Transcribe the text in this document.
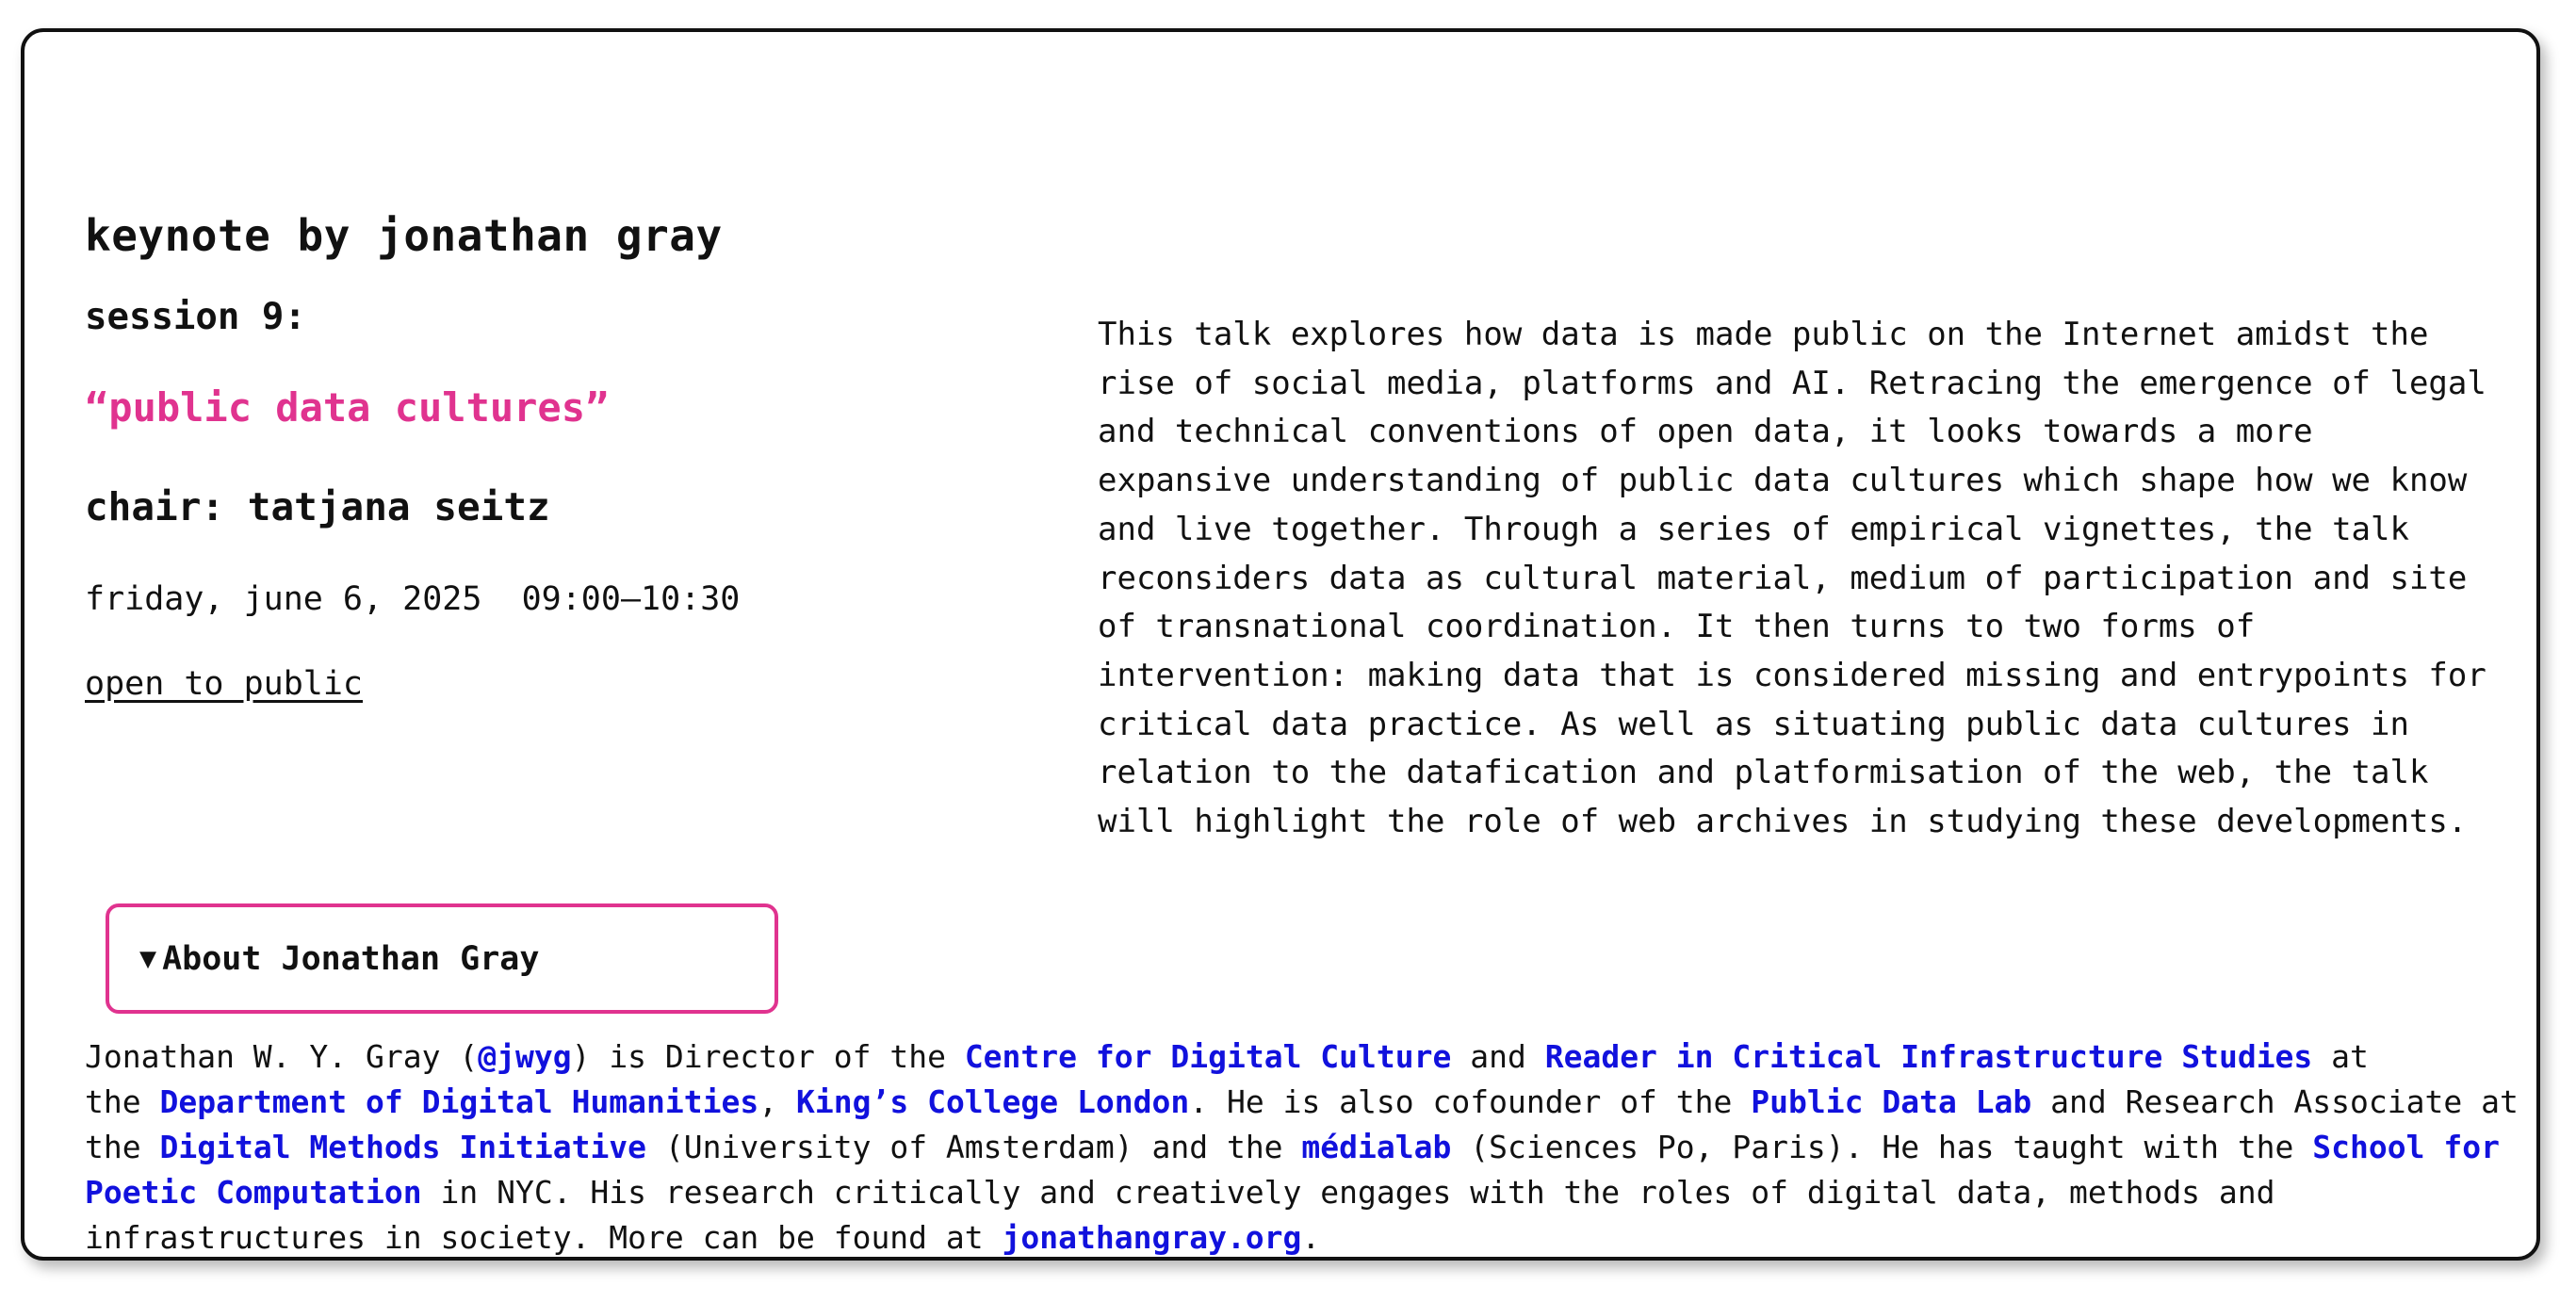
keynote by jonathan gray
session 9:
“public data cultures”
chair: tatjana seitz

friday, june 6, 2025  09:00–10:30

open to public

This talk explores how data is made public on the Internet amidst the
rise of social media, platforms and AI. Retracing the emergence of legal
and technical conventions of open data, it looks towards a more
expansive understanding of public data cultures which shape how we know
and live together. Through a series of empirical vignettes, the talk
reconsiders data as cultural material, medium of participation and site
of transnational coordination. It then turns to two forms of
intervention: making data that is considered missing and entrypoints for
critical data practice. As well as situating public data cultures in
relation to the datafication and platformisation of the web, the talk
will highlight the role of web archives in studying these developments.

▼ About Jonathan Gray

Jonathan W. Y. Gray (@jwyg) is Director of the Centre for Digital Culture and Reader in Critical Infrastructure Studies at
the Department of Digital Humanities, King’s College London. He is also cofounder of the Public Data Lab and Research Associate at
the Digital Methods Initiative (University of Amsterdam) and the médialab (Sciences Po, Paris). He has taught with the School for
Poetic Computation in NYC. His research critically and creatively engages with the roles of digital data, methods and
infrastructures in society. More can be found at jonathangray.org.
